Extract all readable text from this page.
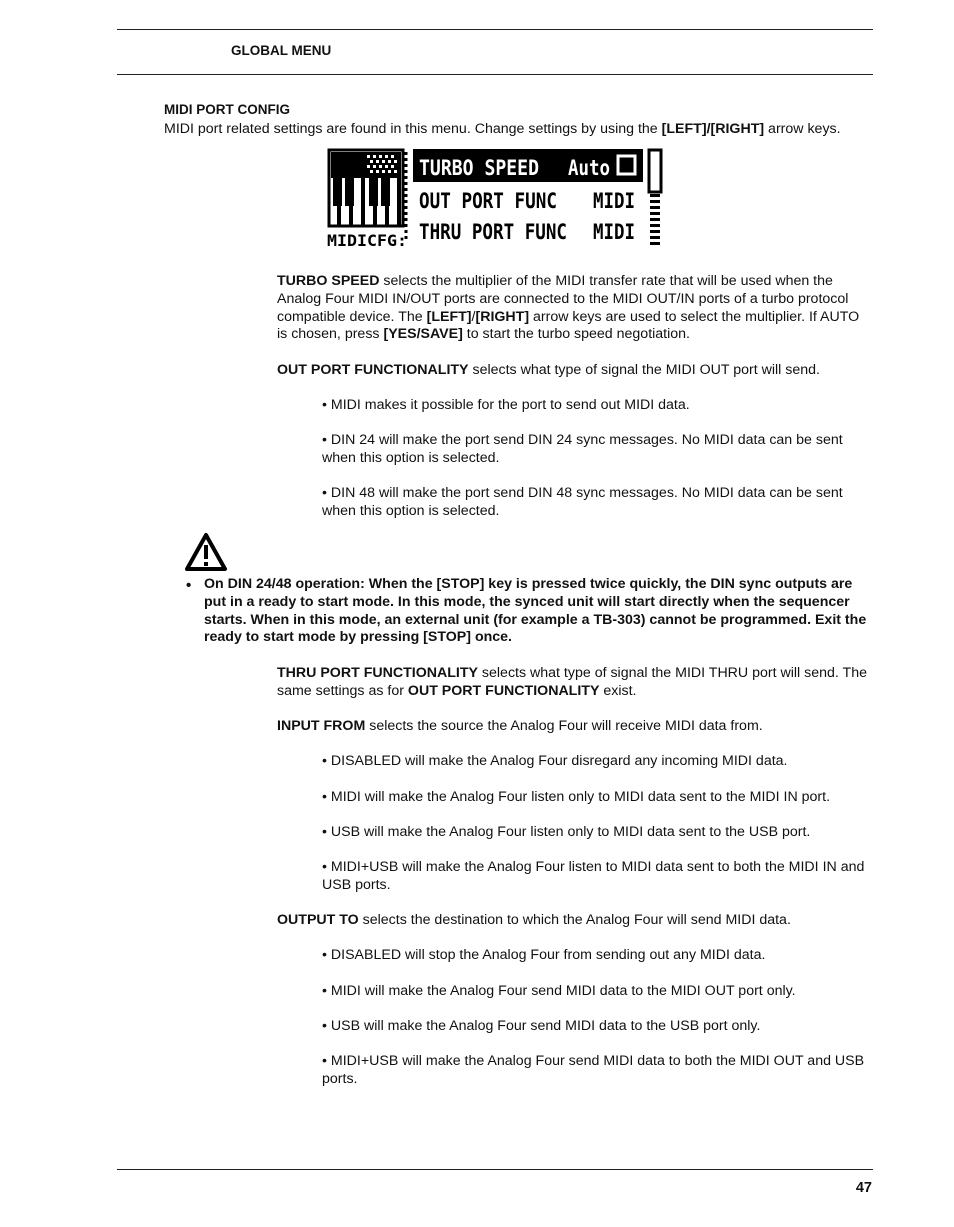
GLOBAL MENU
MIDI PORT CONFIG

MIDI port related settings are found in this menu. Change settings by using the [LEFT]/[RIGHT] arrow keys.

MIDICFG:
TURBO SPEED Auto
OUT PORT FUNC MIDI
THRU PORT FUNC MIDI

TURBO SPEED selects the multiplier of the MIDI transfer rate that will be used when the Analog Four MIDI IN/OUT ports are connected to the MIDI OUT/IN ports of a turbo protocol compatible device. The [LEFT]/[RIGHT] arrow keys are used to select the multiplier. If AUTO is chosen, press [YES/SAVE] to start the turbo speed negotiation.

OUT PORT FUNCTIONALITY selects what type of signal the MIDI OUT port will send.

• MIDI makes it possible for the port to send out MIDI data.

• DIN 24 will make the port send DIN 24 sync messages. No MIDI data can be sent when this option is selected.

• DIN 48 will make the port send DIN 48 sync messages. No MIDI data can be sent when this option is selected.

• On DIN 24/48 operation: When the [STOP] key is pressed twice quickly, the DIN sync outputs are put in a ready to start mode. In this mode, the synced unit will start directly when the sequencer starts. When in this mode, an external unit (for example a TB-303) cannot be programmed. Exit the ready to start mode by pressing [STOP] once.

THRU PORT FUNCTIONALITY selects what type of signal the MIDI THRU port will send. The same settings as for OUT PORT FUNCTIONALITY exist.

INPUT FROM selects the source the Analog Four will receive MIDI data from.

• DISABLED will make the Analog Four disregard any incoming MIDI data.

• MIDI will make the Analog Four listen only to MIDI data sent to the MIDI IN port.

• USB will make the Analog Four listen only to MIDI data sent to the USB port.

• MIDI+USB will make the Analog Four listen to MIDI data sent to both the MIDI IN and USB ports.

OUTPUT TO selects the destination to which the Analog Four will send MIDI data.

• DISABLED will stop the Analog Four from sending out any MIDI data.

• MIDI will make the Analog Four send MIDI data to the MIDI OUT port only.

• USB will make the Analog Four send MIDI data to the USB port only.

• MIDI+USB will make the Analog Four send MIDI data to both the MIDI OUT and USB ports.

47
